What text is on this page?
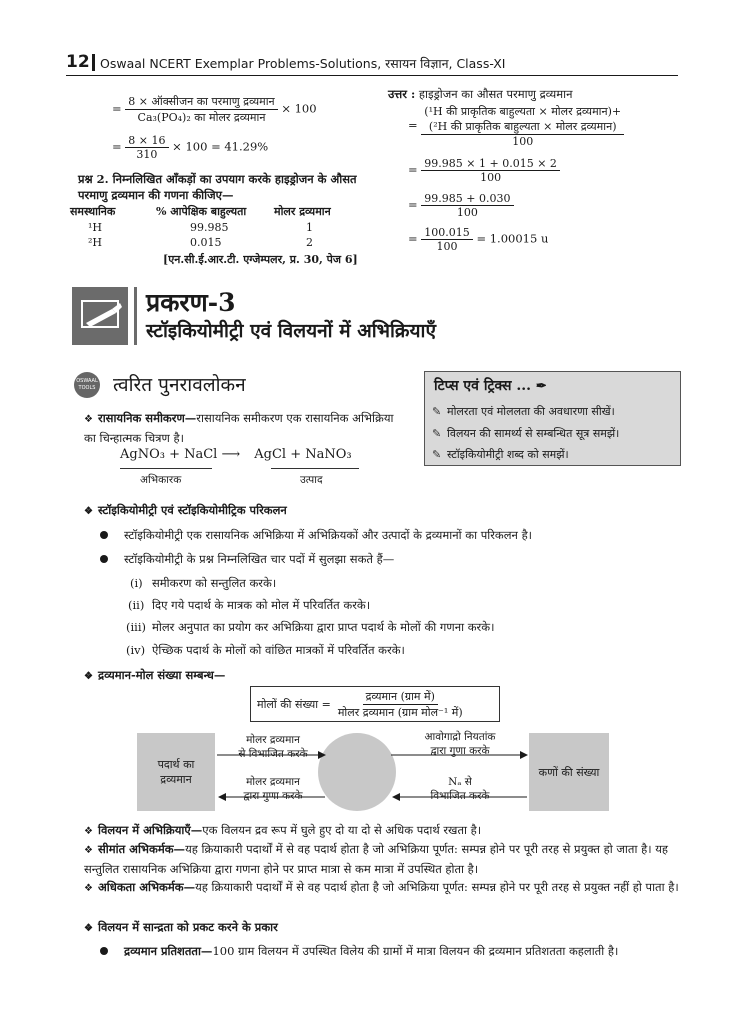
12 Oswaal NCERT Exemplar Problems-Solutions, रसायन विज्ञान, Class-XI
= $\frac{\text{8 × ऑक्सीजन का परमाणु द्रव्यमान}}{\text{Ca₃(PO₄)₂ का मोलर द्रव्यमान}} \times 100$
= $\frac{8 \times 16}{310} \times 100 = 41.29\%$
प्रश्न 2. निम्नलिखित आँकड़ों का उपयाग करके हाइड्रोजन के औसत परमाणु द्रव्यमान की गणना कीजिए—
समस्थानिक	% आपेक्षिक बाहुल्यता	मोलर द्रव्यमान
¹H	99.985	1
²H	0.015	2
[एन.सी.ई.आर.टी. एग्जेम्पलर, प्र. 30, पेज 6]
उत्तर : हाइड्रोजन का औसत परमाणु द्रव्यमान
=
(¹H की प्राकृतिक बाहुल्यता × मोलर द्रव्यमान)+
(²H की प्राकृतिक बाहुल्यता × मोलर द्रव्यमान)
100
= $\frac{99.985 \times 1 + 0.015 \times 2}{100}$
= $\frac{99.985 + 0.030}{100}$
= $\frac{100.015}{100} = 1.00015$ u
प्रकरण-3
स्टॉइकियोमीट्री एवं विलयनों में अभिक्रियाएँ
OSWAAL TOOLS त्वरित पुनरावलोकन	टिप्स एवं ट्रिक्स ... ✒
✎ मोलरता एवं मोललता की अवधारणा सीखें।
✎ विलयन की सामर्थ्य से सम्बन्धित सूत्र समझें।
✎ स्टॉइकियोमीट्री शब्द को समझें।
❖ रासायनिक समीकरण—रासायनिक समीकरण एक रासायनिक अभिक्रिया का चिन्हात्मक चित्रण है।
AgNO₃ + NaCl ⟶ AgCl + NaNO₃
अभिकारक	उत्पाद
❖ स्टॉइकियोमीट्री एवं स्टॉइकियोमीट्रिक परिकलन
स्टॉइकियोमीट्री एक रासायनिक अभिक्रिया में अभिक्रियकों और उत्पादों के द्रव्यमानों का परिकलन है।
स्टॉइकियोमीट्री के प्रश्न निम्नलिखित चार पदों में सुलझा सकते हैं—
(i) समीकरण को सन्तुलित करके।
(ii) दिए गये पदार्थ के मात्रक को मोल में परिवर्तित करके।
(iii) मोलर अनुपात का प्रयोग कर अभिक्रिया द्वारा प्राप्त पदार्थ के मोलों की गणना करके।
(iv) ऐच्छिक पदार्थ के मोलों को वांछित मात्रकों में परिवर्तित करके।
❖ द्रव्यमान-मोल संख्या सम्बन्ध—
मोलों की संख्या = $\frac{\text{द्रव्यमान (ग्राम में)}}{\text{मोलर द्रव्यमान (ग्राम मोल⁻¹ में)}}$
पदार्थ का द्रव्यमान
कणों की संख्या
मोलर द्रव्यमान
से विभाजित करके
मोलर द्रव्यमान
द्वारा गुणा करके
आवोगाद्रो नियतांक
द्वारा गुणा करके
Nₐ से
विभाजित करके
❖ विलयन में अभिक्रियाएँ—एक विलयन द्रव रूप में घुले हुए दो या दो से अधिक पदार्थ रखता है।
❖ सीमांत अभिकर्मक—यह क्रियाकारी पदार्थों में से वह पदार्थ होता है जो अभिक्रिया पूर्णत: सम्पन्न होने पर पूरी तरह से प्रयुक्त हो जाता है। यह सन्तुलित रासायनिक अभिक्रिया द्वारा गणना होने पर प्राप्त मात्रा से कम मात्रा में उपस्थित होता है।
❖ अधिकता अभिकर्मक—यह क्रियाकारी पदार्थों में से वह पदार्थ होता है जो अभिक्रिया पूर्णत: सम्पन्न होने पर पूरी तरह से प्रयुक्त नहीं हो पाता है।
❖ विलयन में सान्द्रता को प्रकट करने के प्रकार
द्रव्यमान प्रतिशतता—100 ग्राम विलयन में उपस्थित विलेय की ग्रामों में मात्रा विलयन की द्रव्यमान प्रतिशतता कहलाती है।
